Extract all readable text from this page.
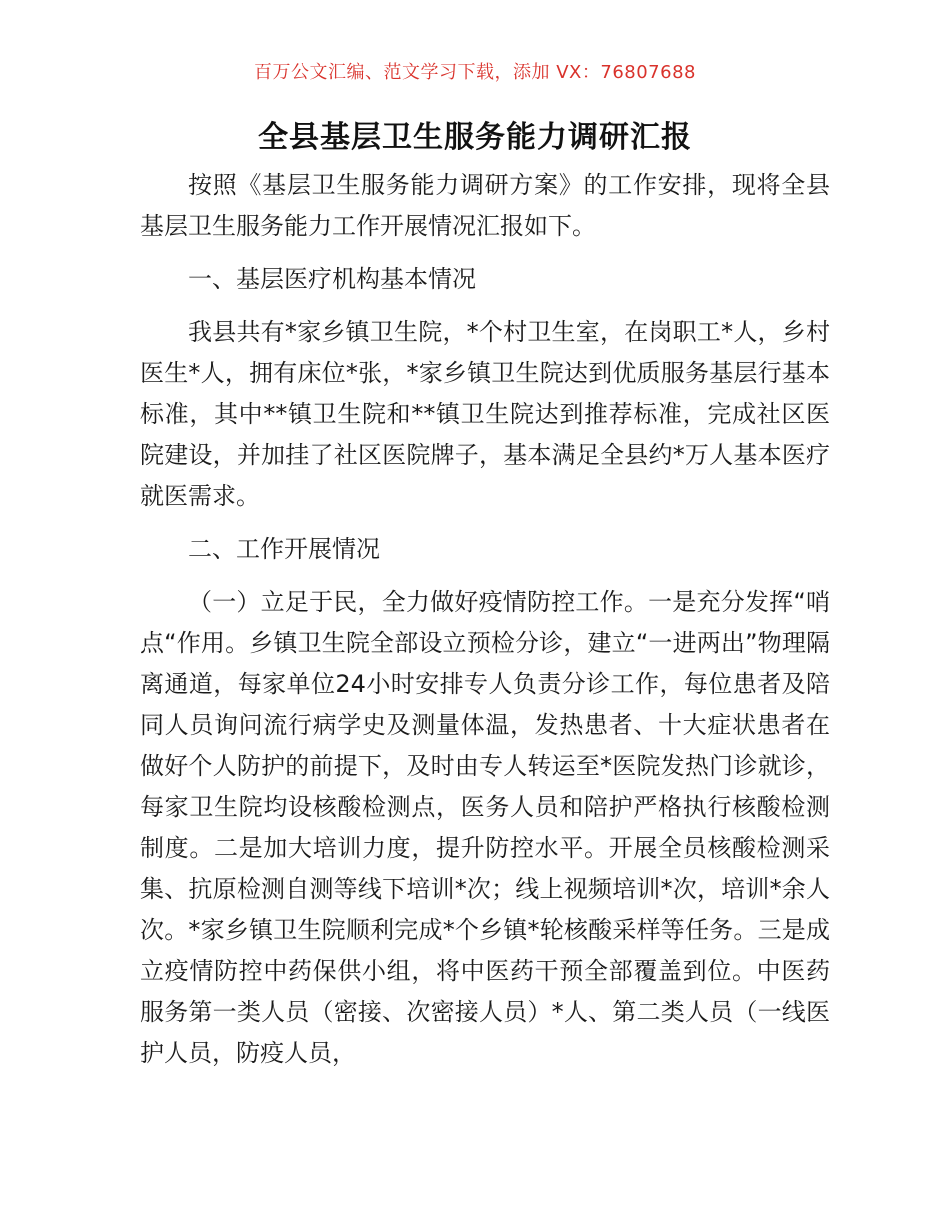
百万公文汇编、范文学习下载，添加 VX：76807688
全县基层卫生服务能力调研汇报

按照《基层卫生服务能力调研方案》的工作安排，现将全县基层卫生服务能力工作开展情况汇报如下。

一、基层医疗机构基本情况

我县共有*家乡镇卫生院，*个村卫生室，在岗职工*人，乡村医生*人，拥有床位*张，*家乡镇卫生院达到优质服务基层行基本标准，其中**镇卫生院和**镇卫生院达到推荐标准，完成社区医院建设，并加挂了社区医院牌子，基本满足全县约*万人基本医疗就医需求。

二、工作开展情况

（一）立足于民，全力做好疫情防控工作。一是充分发挥“哨点“作用。乡镇卫生院全部设立预检分诊，建立“一进两出”物理隔离通道，每家单位24小时安排专人负责分诊工作，每位患者及陪同人员询问流行病学史及测量体温，发热患者、十大症状患者在做好个人防护的前提下，及时由专人转运至*医院发热门诊就诊，每家卫生院均设核酸检测点，医务人员和陪护严格执行核酸检测制度。二是加大培训力度，提升防控水平。开展全员核酸检测采集、抗原检测自测等线下培训*次；线上视频培训*次，培训*余人次。*家乡镇卫生院顺利完成*个乡镇*轮核酸采样等任务。三是成立疫情防控中药保供小组，将中医药干预全部覆盖到位。中医药服务第一类人员（密接、次密接人员）*人、第二类人员（一线医护人员，防疫人员，
